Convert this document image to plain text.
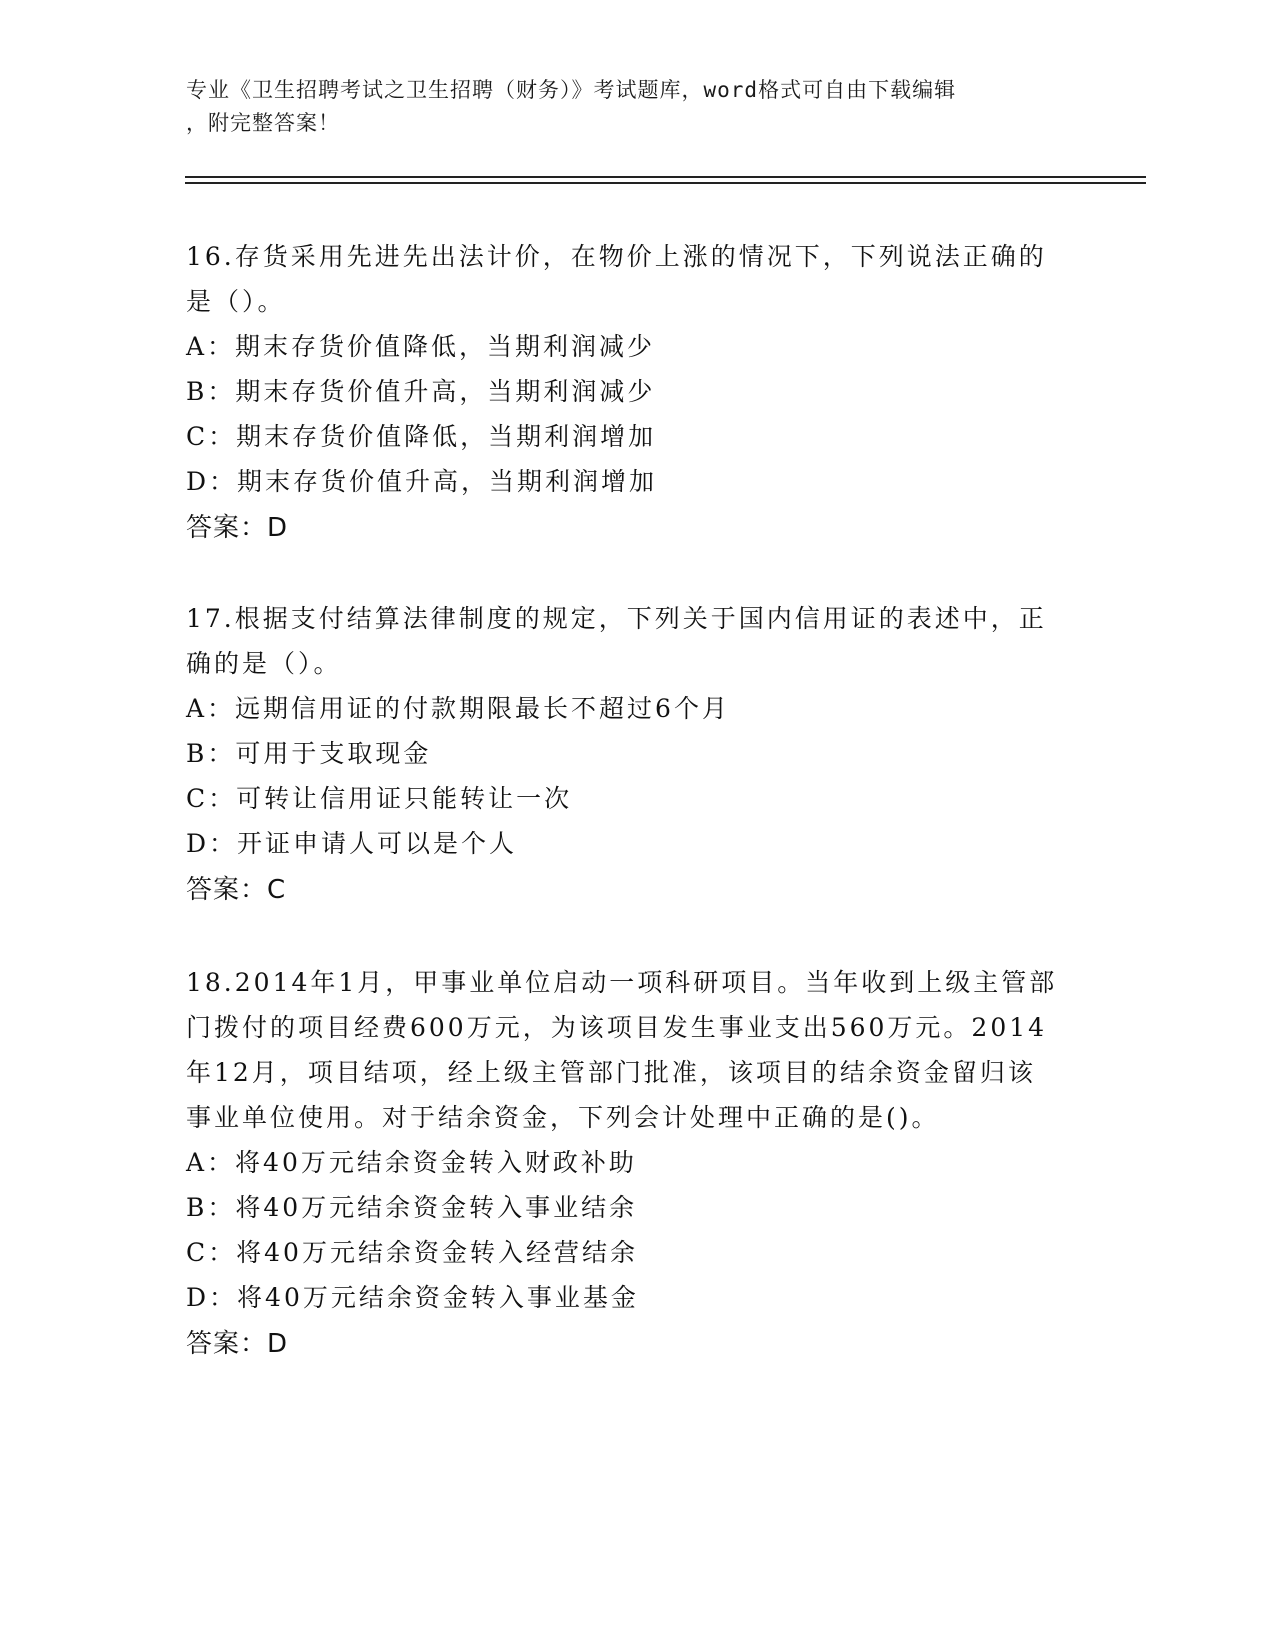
专业《卫生招聘考试之卫生招聘（财务）》考试题库，word格式可自由下载编辑
，附完整答案！
16.存货采用先进先出法计价，在物价上涨的情况下，下列说法正确的
是（）。
A：期末存货价值降低，当期利润减少
B：期末存货价值升高，当期利润减少
C：期末存货价值降低，当期利润增加
D：期末存货价值升高，当期利润增加
答案：D
17.根据支付结算法律制度的规定，下列关于国内信用证的表述中，正
确的是（）。
A：远期信用证的付款期限最长不超过6个月
B：可用于支取现金
C：可转让信用证只能转让一次
D：开证申请人可以是个人
答案：C
18.2014年1月，甲事业单位启动一项科研项目。当年收到上级主管部
门拨付的项目经费600万元，为该项目发生事业支出560万元。2014
年12月，项目结项，经上级主管部门批准，该项目的结余资金留归该
事业单位使用。对于结余资金，下列会计处理中正确的是()。
A：将40万元结余资金转入财政补助
B：将40万元结余资金转入事业结余
C：将40万元结余资金转入经营结余
D：将40万元结余资金转入事业基金
答案：D
